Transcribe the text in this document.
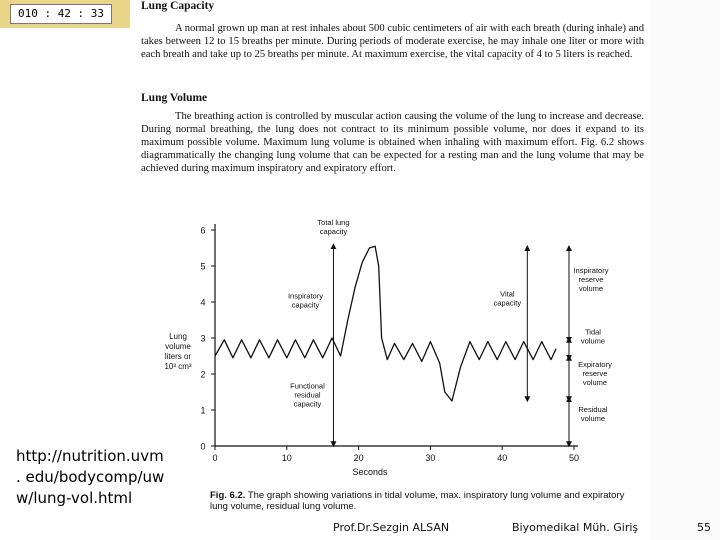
010 : 42 : 33
Lung Capacity

A normal grown up man at rest inhales about 500 cubic centimeters of air with each breath (during inhale) and takes between 12 to 15 breaths per minute. During periods of moderate exercise, he may inhale one liter or more with each breath and take up to 25 breaths per minute. At maximum exercise, the vital capacity of 4 to 5 liters is reached.

Lung Volume

The breathing action is controlled by muscular action causing the volume of the lung to increase and decrease. During normal breathing, the lung does not contract to its minimum possible volume, nor does it expand to its maximum possible volume. Maximum lung volume is obtained when inhaling with maximum effort. Fig. 6.2 shows diagrammatically the changing lung volume that can be expected for a resting man and the lung volume that may be achieved during maximum inspiratory and expiratory effort.

0
1
2
3
4
5
6
0	10	20	30	40	50
Seconds
Lung
volume
liters or
10³ cm³
Total lung
capacity
Inspiratory
capacity
Functional
residual
capacity
Vital
capacity
Inspiratory
reserve
volume
Tidal
volume
Expiratory
reserve
volume
Residual
volume
Fig. 6.2. The graph showing variations in tidal volume, max. inspiratory lung volume and expiratory lung volume, residual lung volume.
http://nutrition.uvm
. edu/bodycomp/uw
w/lung-vol.html
Prof.Dr.Sezgin ALSAN	Biyomedikal Müh. Giriş	55
